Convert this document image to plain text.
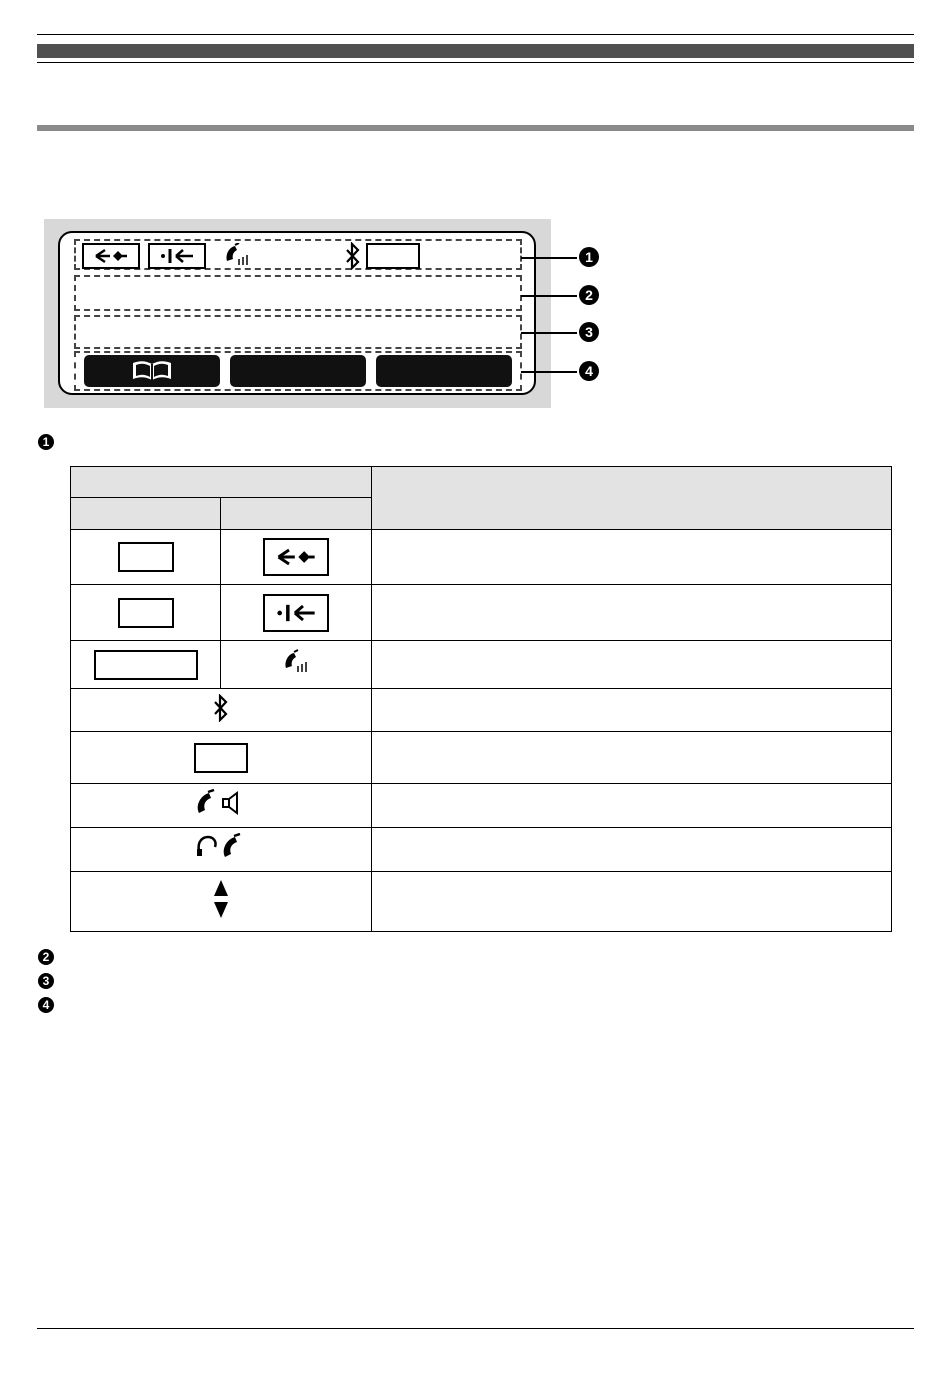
1
2
3
4
1

2
3
4
